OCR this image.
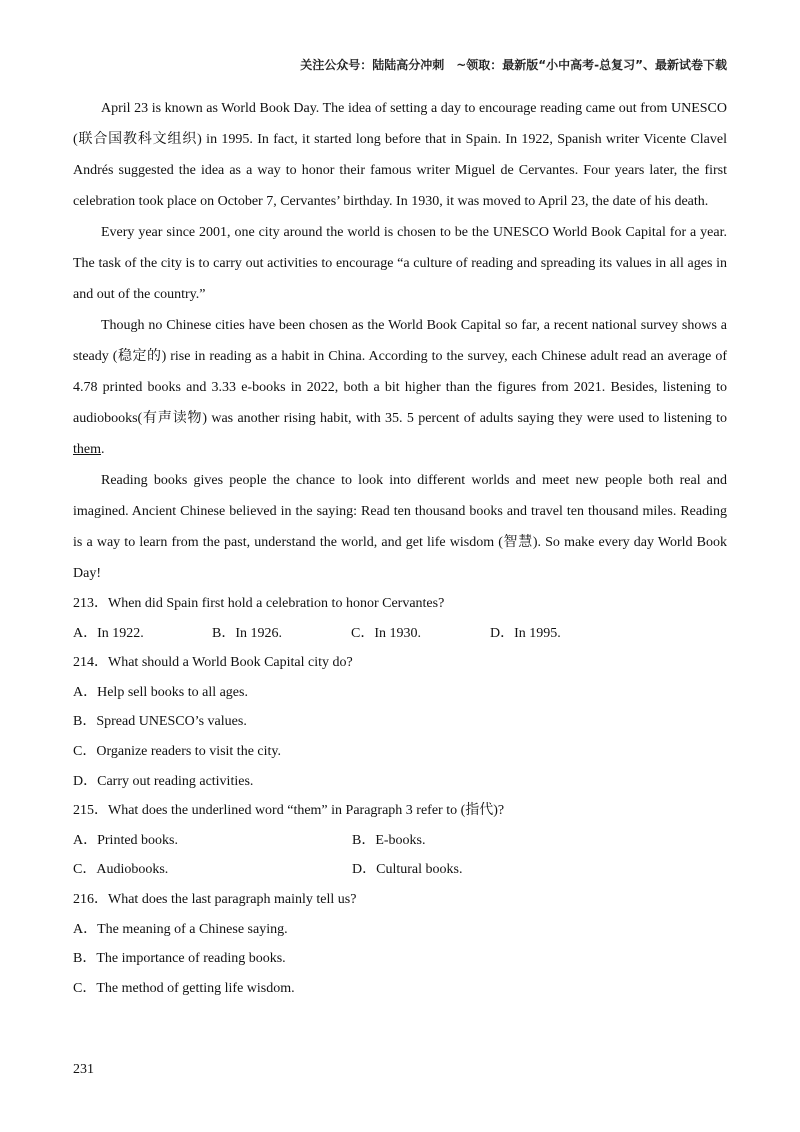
关注公众号：陆陆高分冲刺　~领取：最新版“小中高考-总复习”、最新试卷下载

April 23 is known as World Book Day. The idea of setting a day to encourage reading came out from UNESCO (联合国教科文组织) in 1995. In fact, it started long before that in Spain. In 1922, Spanish writer Vicente Clavel Andrés suggested the idea as a way to honor their famous writer Miguel de Cervantes. Four years later, the first celebration took place on October 7, Cervantes’ birthday. In 1930, it was moved to April 23, the date of his death.

Every year since 2001, one city around the world is chosen to be the UNESCO World Book Capital for a year. The task of the city is to carry out activities to encourage “a culture of reading and spreading its values in all ages in and out of the country.”

Though no Chinese cities have been chosen as the World Book Capital so far, a recent national survey shows a steady (稳定的) rise in reading as a habit in China. According to the survey, each Chinese adult read an average of 4.78 printed books and 3.33 e-books in 2022, both a bit higher than the figures from 2021. Besides, listening to audiobooks(有声读物) was another rising habit, with 35. 5 percent of adults saying they were used to listening to them.

Reading books gives people the chance to look into different worlds and meet new people both real and imagined. Ancient Chinese believed in the saying: Read ten thousand books and travel ten thousand miles. Reading is a way to learn from the past, understand the world, and get life wisdom (智慧). So make every day World Book Day!

213．When did Spain first hold a celebration to honor Cervantes?

A．In 1922.	B．In 1926.	C．In 1930.	D．In 1995.

214．What should a World Book Capital city do?

A．Help sell books to all ages.

B．Spread UNESCO’s values.

C．Organize readers to visit the city.

D．Carry out reading activities.

215．What does the underlined word “them” in Paragraph 3 refer to (指代)?

A．Printed books.	B．E-books.
C．Audiobooks.	D．Cultural books.

216．What does the last paragraph mainly tell us?

A．The meaning of a Chinese saying.

B．The importance of reading books.

C．The method of getting life wisdom.

231
